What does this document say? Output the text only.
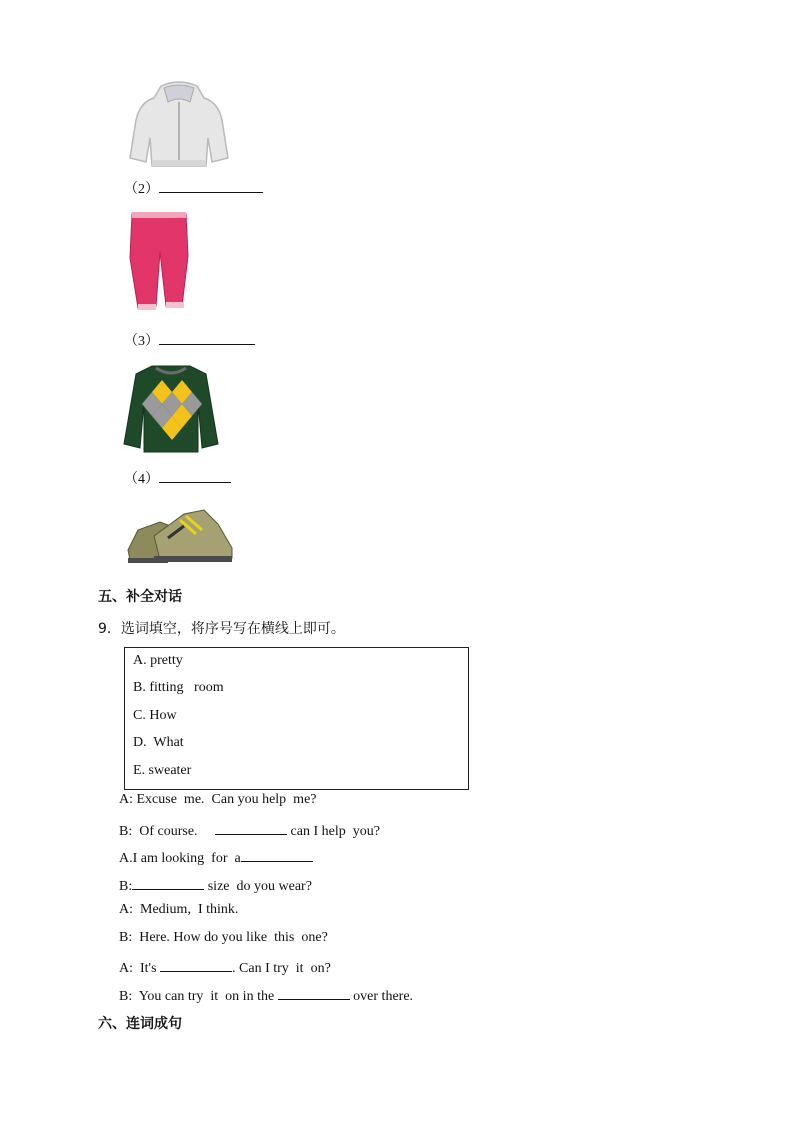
（2）
（3）
（4）
五、补全对话
9．选词填空，将序号写在横线上即可。
A. pretty
B. fitting   room
C. How
D.  What
E. sweater
A: Excuse  me.  Can you help  me?
B:  Of course.	can I help  you?
A.I am looking  for  a
B:	size  do you wear?
A:  Medium,  I think.
B:  Here. How do you like  this  one?
A:  It's	. Can I try  it  on?
B:  You can try  it  on in the	over there.
六、连词成句
